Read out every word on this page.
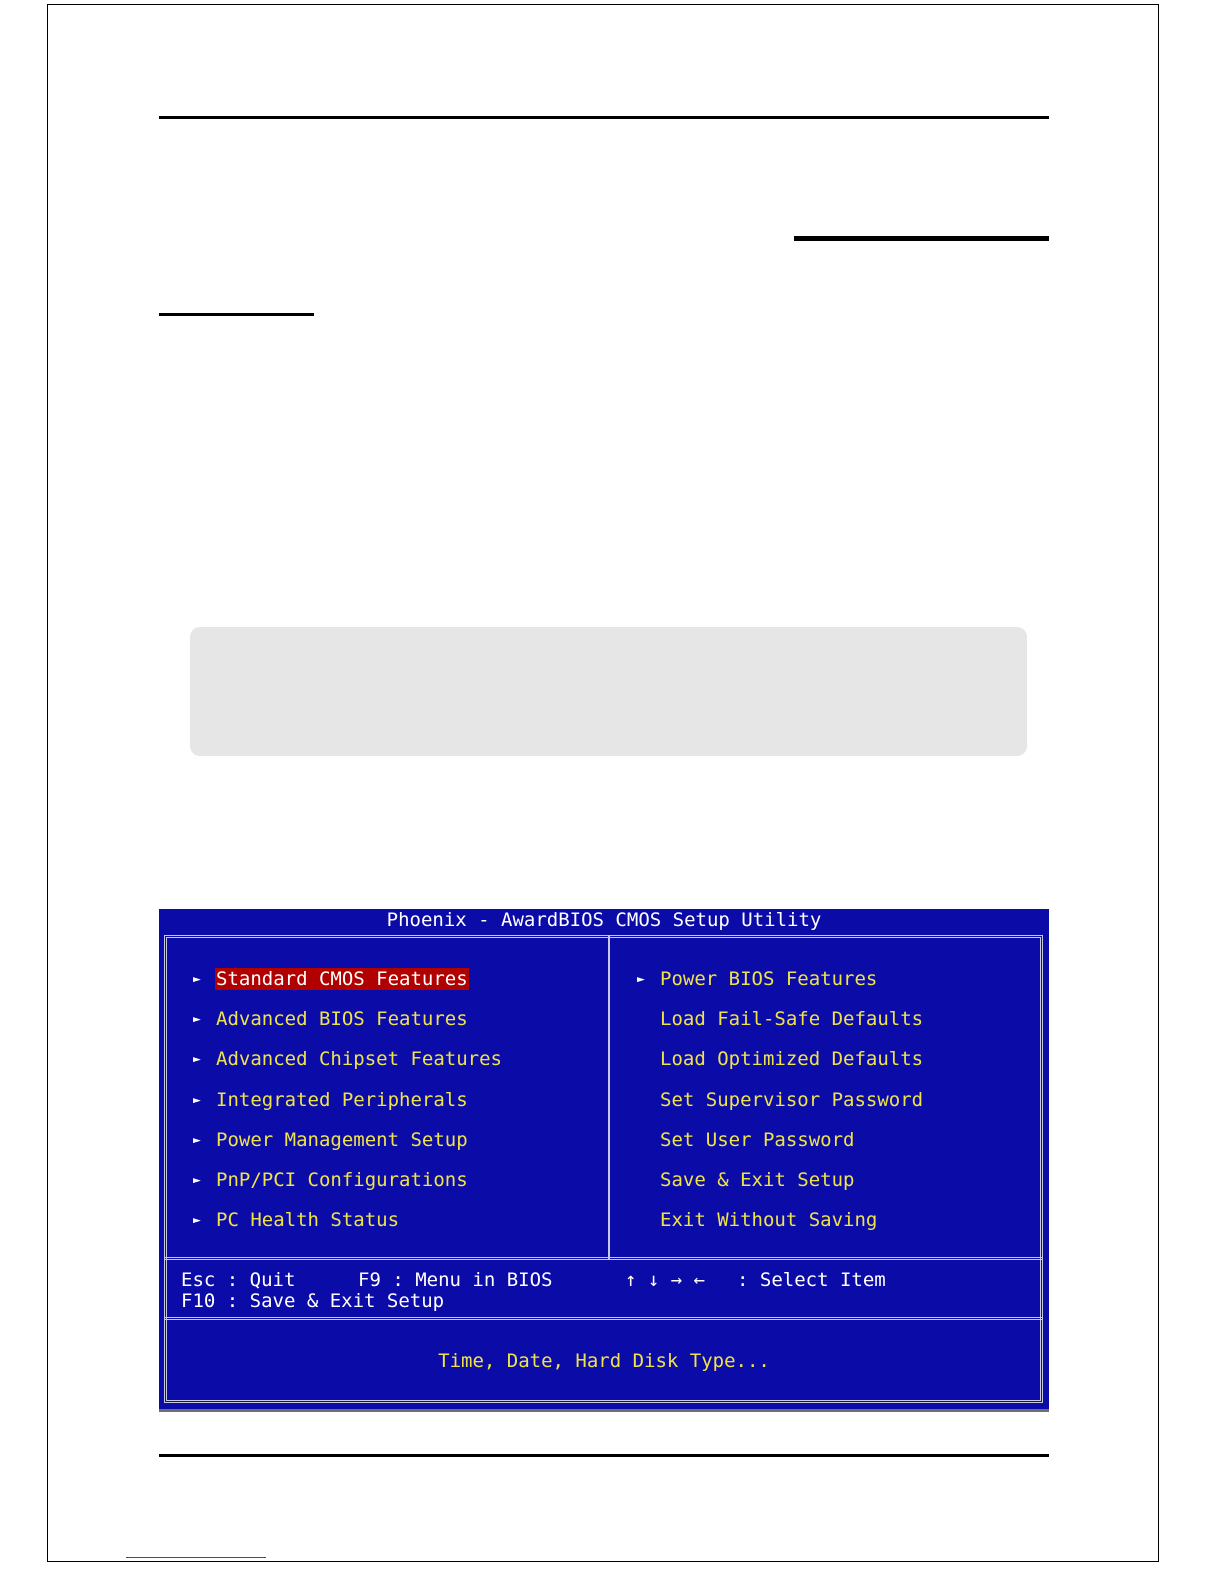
Phoenix - AwardBIOS CMOS Setup Utility
► Standard CMOS Features
► Advanced BIOS Features
► Advanced Chipset Features
► Integrated Peripherals
► Power Management Setup
► PnP/PCI Configurations
► PC Health Status
► Power BIOS Features
Load Fail-Safe Defaults
Load Optimized Defaults
Set Supervisor Password
Set User Password
Save & Exit Setup
Exit Without Saving
Esc : Quit	F9 : Menu in BIOS	↑ ↓ → ← : Select Item
F10 : Save & Exit Setup
Time, Date, Hard Disk Type...
